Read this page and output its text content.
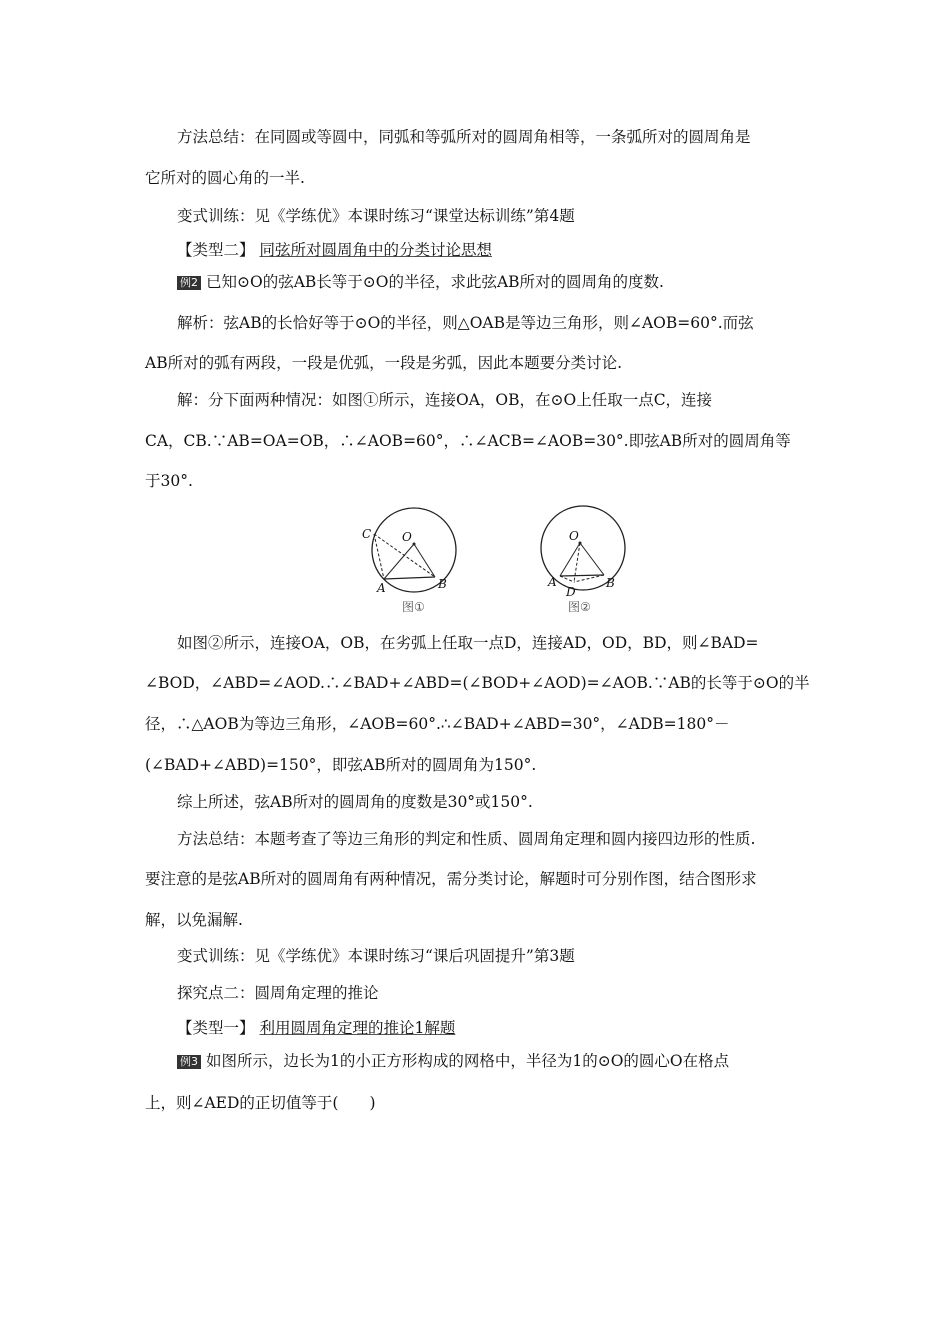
方法总结：在同圆或等圆中，同弧和等弧所对的圆周角相等，一条弧所对的圆周角是
它所对的圆心角的一半.
变式训练：见《学练优》本课时练习“课堂达标训练”第4题
【类型二】 同弦所对圆周角中的分类讨论思想
例2 已知⊙O的弦AB长等于⊙O的半径，求此弦AB所对的圆周角的度数.
解析：弦AB的长恰好等于⊙O的半径，则△OAB是等边三角形，则∠AOB=60°.而弦
AB所对的弧有两段，一段是优弧，一段是劣弧，因此本题要分类讨论.
解：分下面两种情况：如图①所示，连接OA，OB，在⊙O上任取一点C，连接
CA，CB.∵AB=OA=OB，∴∠AOB=60°，∴∠ACB=∠AOB=30°.即弦AB所对的圆周角等
于30°.
C	O
A	B
图①
O
A
D
B
图②
如图②所示，连接OA，OB，在劣弧上任取一点D，连接AD，OD，BD，则∠BAD=
∠BOD，∠ABD=∠AOD.∴∠BAD+∠ABD=(∠BOD+∠AOD)=∠AOB.∵AB的长等于⊙O的半
径，∴△AOB为等边三角形，∠AOB=60°.∴∠BAD+∠ABD=30°，∠ADB=180°－
(∠BAD+∠ABD)=150°，即弦AB所对的圆周角为150°.
综上所述，弦AB所对的圆周角的度数是30°或150°.
方法总结：本题考查了等边三角形的判定和性质、圆周角定理和圆内接四边形的性质.
要注意的是弦AB所对的圆周角有两种情况，需分类讨论，解题时可分别作图，结合图形求
解，以免漏解.
变式训练：见《学练优》本课时练习“课后巩固提升”第3题
探究点二：圆周角定理的推论
【类型一】 利用圆周角定理的推论1解题
例3 如图所示，边长为1的小正方形构成的网格中，半径为1的⊙O的圆心O在格点
上，则∠AED的正切值等于(　　)
